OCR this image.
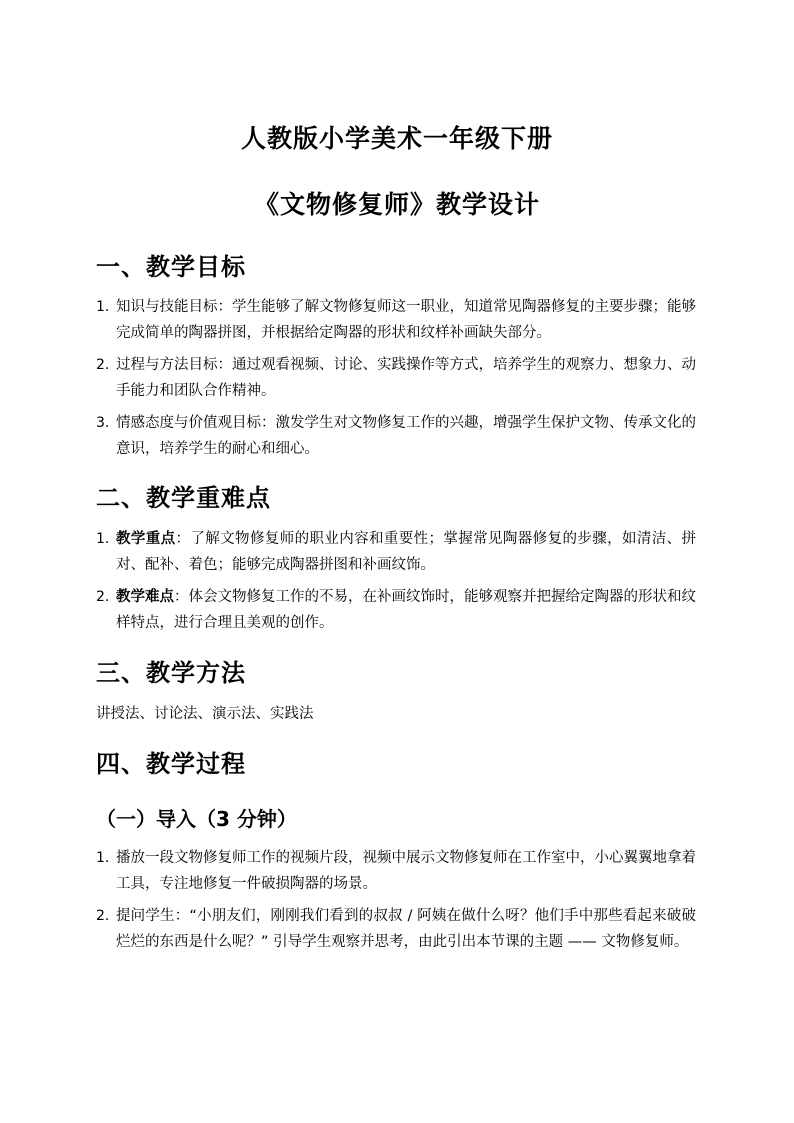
人教版小学美术一年级下册
《文物修复师》教学设计
一、教学目标
1. 知识与技能目标：学生能够了解文物修复师这一职业，知道常见陶器修复的主要步骤；能够完成简单的陶器拼图，并根据给定陶器的形状和纹样补画缺失部分。
2. 过程与方法目标：通过观看视频、讨论、实践操作等方式，培养学生的观察力、想象力、动手能力和团队合作精神。
3. 情感态度与价值观目标：激发学生对文物修复工作的兴趣，增强学生保护文物、传承文化的意识，培养学生的耐心和细心。
二、教学重难点
1. 教学重点：了解文物修复师的职业内容和重要性；掌握常见陶器修复的步骤，如清洁、拼对、配补、着色；能够完成陶器拼图和补画纹饰。
2. 教学难点：体会文物修复工作的不易，在补画纹饰时，能够观察并把握给定陶器的形状和纹样特点，进行合理且美观的创作。
三、教学方法
讲授法、讨论法、演示法、实践法
四、教学过程
（一）导入（3 分钟）
1. 播放一段文物修复师工作的视频片段，视频中展示文物修复师在工作室中，小心翼翼地拿着工具，专注地修复一件破损陶器的场景。
2. 提问学生：“小朋友们，刚刚我们看到的叔叔 / 阿姨在做什么呀？他们手中那些看起来破破烂烂的东西是什么呢？” 引导学生观察并思考，由此引出本节课的主题 —— 文物修复师。
